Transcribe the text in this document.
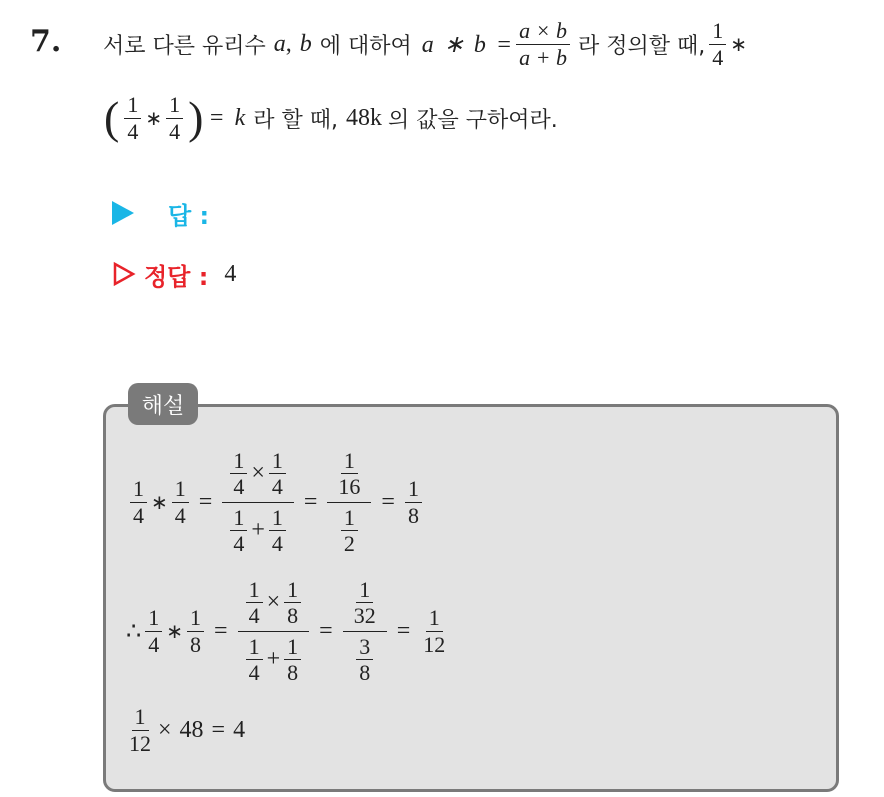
7. 서로 다른 유리수 a , b 에 대하여 a ∗ $b = \frac{a \times b}{a + b}$ 라 정의할 때, $\frac{1}{4}$ ∗
( $\frac{1}{4}$ ∗ $\frac{1}{4}$ ) = k 라 할 때, 48k 의 값을 구하여라.
답 :
정답 : 4
해설
$\frac{1}{4}$ ∗ $\frac{1}{4} = \frac{\frac{1}{4} \times \frac{1}{4}}{\frac{1}{4} + \frac{1}{4}} = \frac{\frac{1}{16}}{\frac{1}{2}} = \frac{1}{8}$
∴ $\frac{1}{4}$ ∗ $\frac{1}{8} = \frac{\frac{1}{4} \times \frac{1}{8}}{\frac{1}{4} + \frac{1}{8}} = \frac{\frac{1}{32}}{\frac{3}{8}} = \frac{1}{12}$
$\frac{1}{12} \times 48 = 4$
